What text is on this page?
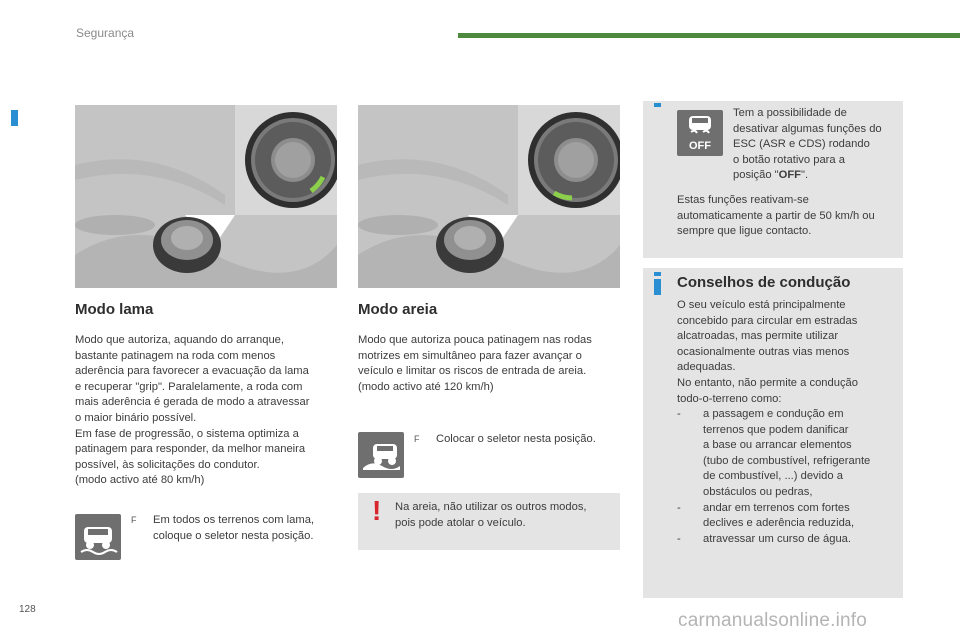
Segurança
Modo lama
Modo que autoriza, aquando do arranque,
bastante patinagem na roda com menos
aderência para favorecer a evacuação da lama
e recuperar "grip". Paralelamente, a roda com
mais aderência é gerada de modo a atravessar
o maior binário possível.
Em fase de progressão, o sistema optimiza a
patinagem para responder, da melhor maneira
possível, às solicitações do condutor.
(modo activo até 80 km/h)
F	Em todos os terrenos com lama,
coloque o seletor nesta posição.
Modo areia
Modo que autoriza pouca patinagem nas rodas
motrizes em simultâneo para fazer avançar o
veículo e limitar os riscos de entrada de areia.
(modo activo até 120 km/h)
F	Colocar o seletor nesta posição.
! Na areia, não utilizar os outros modos,
pois pode atolar o veículo.
OFF
Tem a possibilidade de
desativar algumas funções do
ESC (ASR e CDS) rodando
o botão rotativo para a
posição "OFF".
Estas funções reativam-se
automaticamente a partir de 50 km/h ou
sempre que ligue contacto.
Conselhos de condução
O seu veículo está principalmente
concebido para circular em estradas
alcatroadas, mas permite utilizar
ocasionalmente outras vias menos
adequadas.
No entanto, não permite a condução
todo-o-terreno como:
- a passagem e condução em
terrenos que podem danificar
a base ou arrancar elementos
(tubo de combustível, refrigerante
de combustível, ...) devido a
obstáculos ou pedras,
- andar em terrenos com fortes
declives e aderência reduzida,
- atravessar um curso de água.
128
carmanualsonline.info
